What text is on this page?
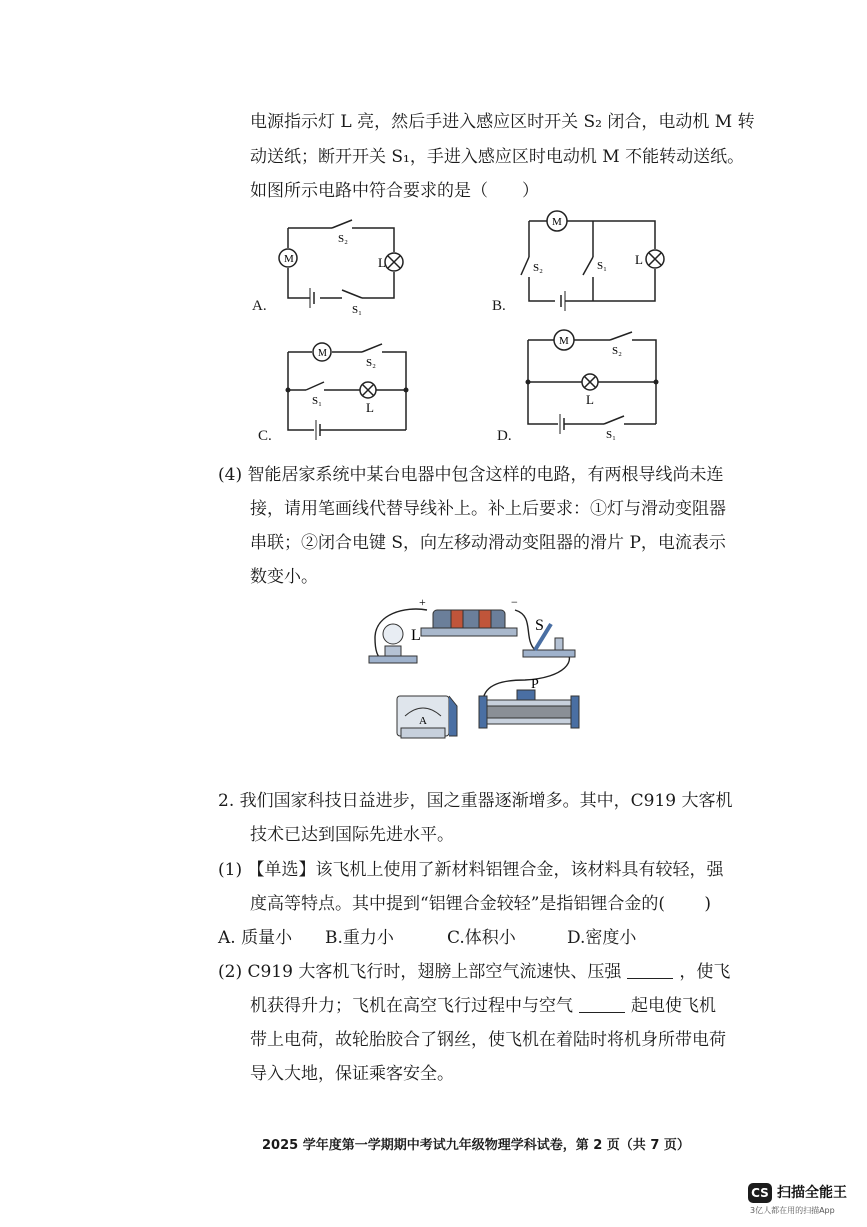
电源指示灯 L 亮，然后手进入感应区时开关 S₂ 闭合，电动机 M 转
动送纸；断开开关 S₁，手进入感应区时电动机 M 不能转动送纸。
如图所示电路中符合要求的是（　　）
M	L
S₂
S₁
A.
M
L
S₂	S₁
B.
M
S₂
S₁	L
C.
M
S₂
L
S₁
D.
(4) 智能居家系统中某台电器中包含这样的电路，有两根导线尚未连
接，请用笔画线代替导线补上。补上后要求：①灯与滑动变阻器
串联；②闭合电键 S，向左移动滑动变阻器的滑片 P，电流表示
数变小。
+	−
L
S
P
A
2. 我们国家科技日益进步，国之重器逐渐增多。其中，C919 大客机
技术已达到国际先进水平。
(1) 【单选】该飞机上使用了新材料铝锂合金，该材料具有较轻，强
度高等特点。其中提到“铝锂合金较轻”是指铝锂合金的(　　 )
A. 质量小 B.重力小	C.体积小	D.密度小
(2) C919 大客机飞行时，翅膀上部空气流速快、压强	，使飞
机获得升力；飞机在高空飞行过程中与空气	起电使飞机
带上电荷，故轮胎胶合了钢丝，使飞机在着陆时将机身所带电荷
导入大地，保证乘客安全。
2025 学年度第一学期期中考试九年级物理学科试卷，第 2 页（共 7 页）
CS 扫描全能王
3亿人都在用的扫描App
